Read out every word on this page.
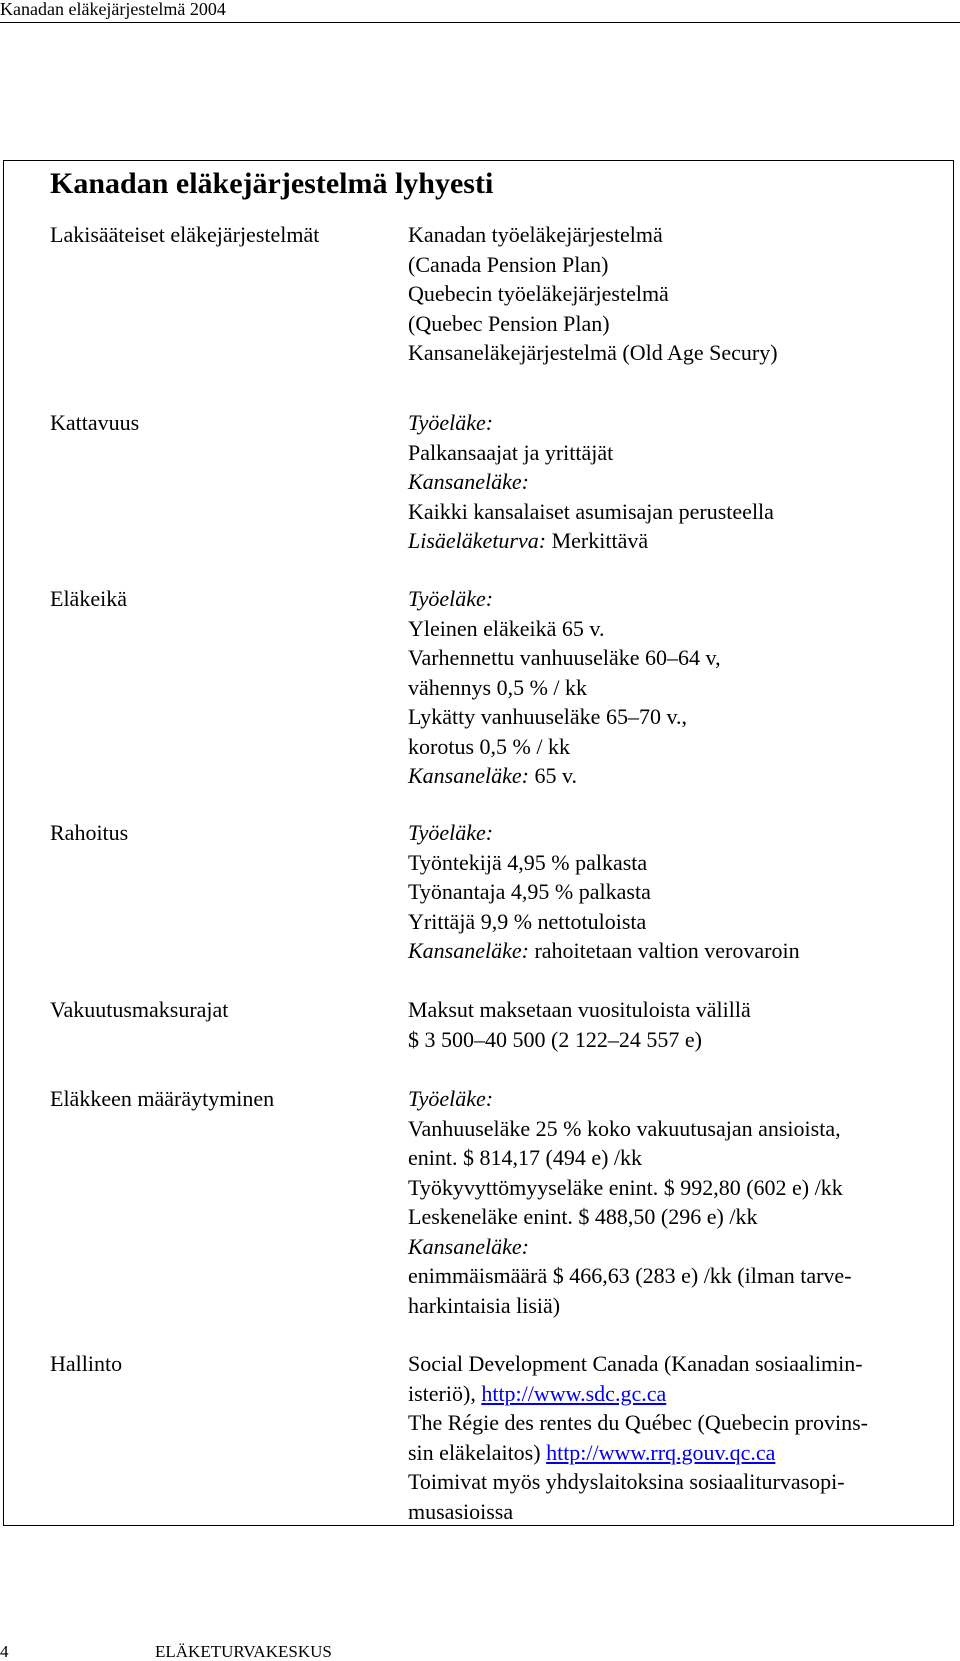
Kanadan eläkejärjestelmä 2004
Kanadan eläkejärjestelmä lyhyesti
Lakisääteiset eläkejärjestelmät	Kanadan työeläkejärjestelmä
(Canada Pension Plan)
Quebecin työeläkejärjestelmä
(Quebec Pension Plan)
Kansaneläkejärjestelmä (Old Age Secury)
Kattavuus	Työeläke:
Palkansaajat ja yrittäjät
Kansaneläke:
Kaikki kansalaiset asumisajan perusteella
Lisäeläketurva: Merkittävä
Eläkeikä	Työeläke:
Yleinen eläkeikä 65 v.
Varhennettu vanhuuseläke 60–64 v,
vähennys 0,5 % / kk
Lykätty vanhuuseläke 65–70 v.,
korotus 0,5 % / kk
Kansaneläke: 65 v.
Rahoitus	Työeläke:
Työntekijä 4,95 % palkasta
Työnantaja 4,95 % palkasta
Yrittäjä 9,9 % nettotuloista
Kansaneläke: rahoitetaan valtion verovaroin
Vakuutusmaksurajat	Maksut maksetaan vuosituloista välillä
$ 3 500–40 500 (2 122–24 557 e)
Eläkkeen määräytyminen	Työeläke:
Vanhuuseläke 25 % koko vakuutusajan ansioista,
enint. $ 814,17 (494 e) /kk
Työkyvyttömyyseläke enint. $ 992,80 (602 e) /kk
Leskeneläke enint. $ 488,50 (296 e) /kk
Kansaneläke:
enimmäismäärä $ 466,63 (283 e) /kk (ilman tarve-
harkintaisia lisiä)
Hallinto	Social Development Canada (Kanadan sosiaalimin-
isteriö), http://www.sdc.gc.ca
The Régie des rentes du Québec (Quebecin provins-
sin eläkelaitos) http://www.rrq.gouv.qc.ca
Toimivat myös yhdyslaitoksina sosiaaliturvasopi-
musasioissa
4	ELÄKETURVAKESKUS
